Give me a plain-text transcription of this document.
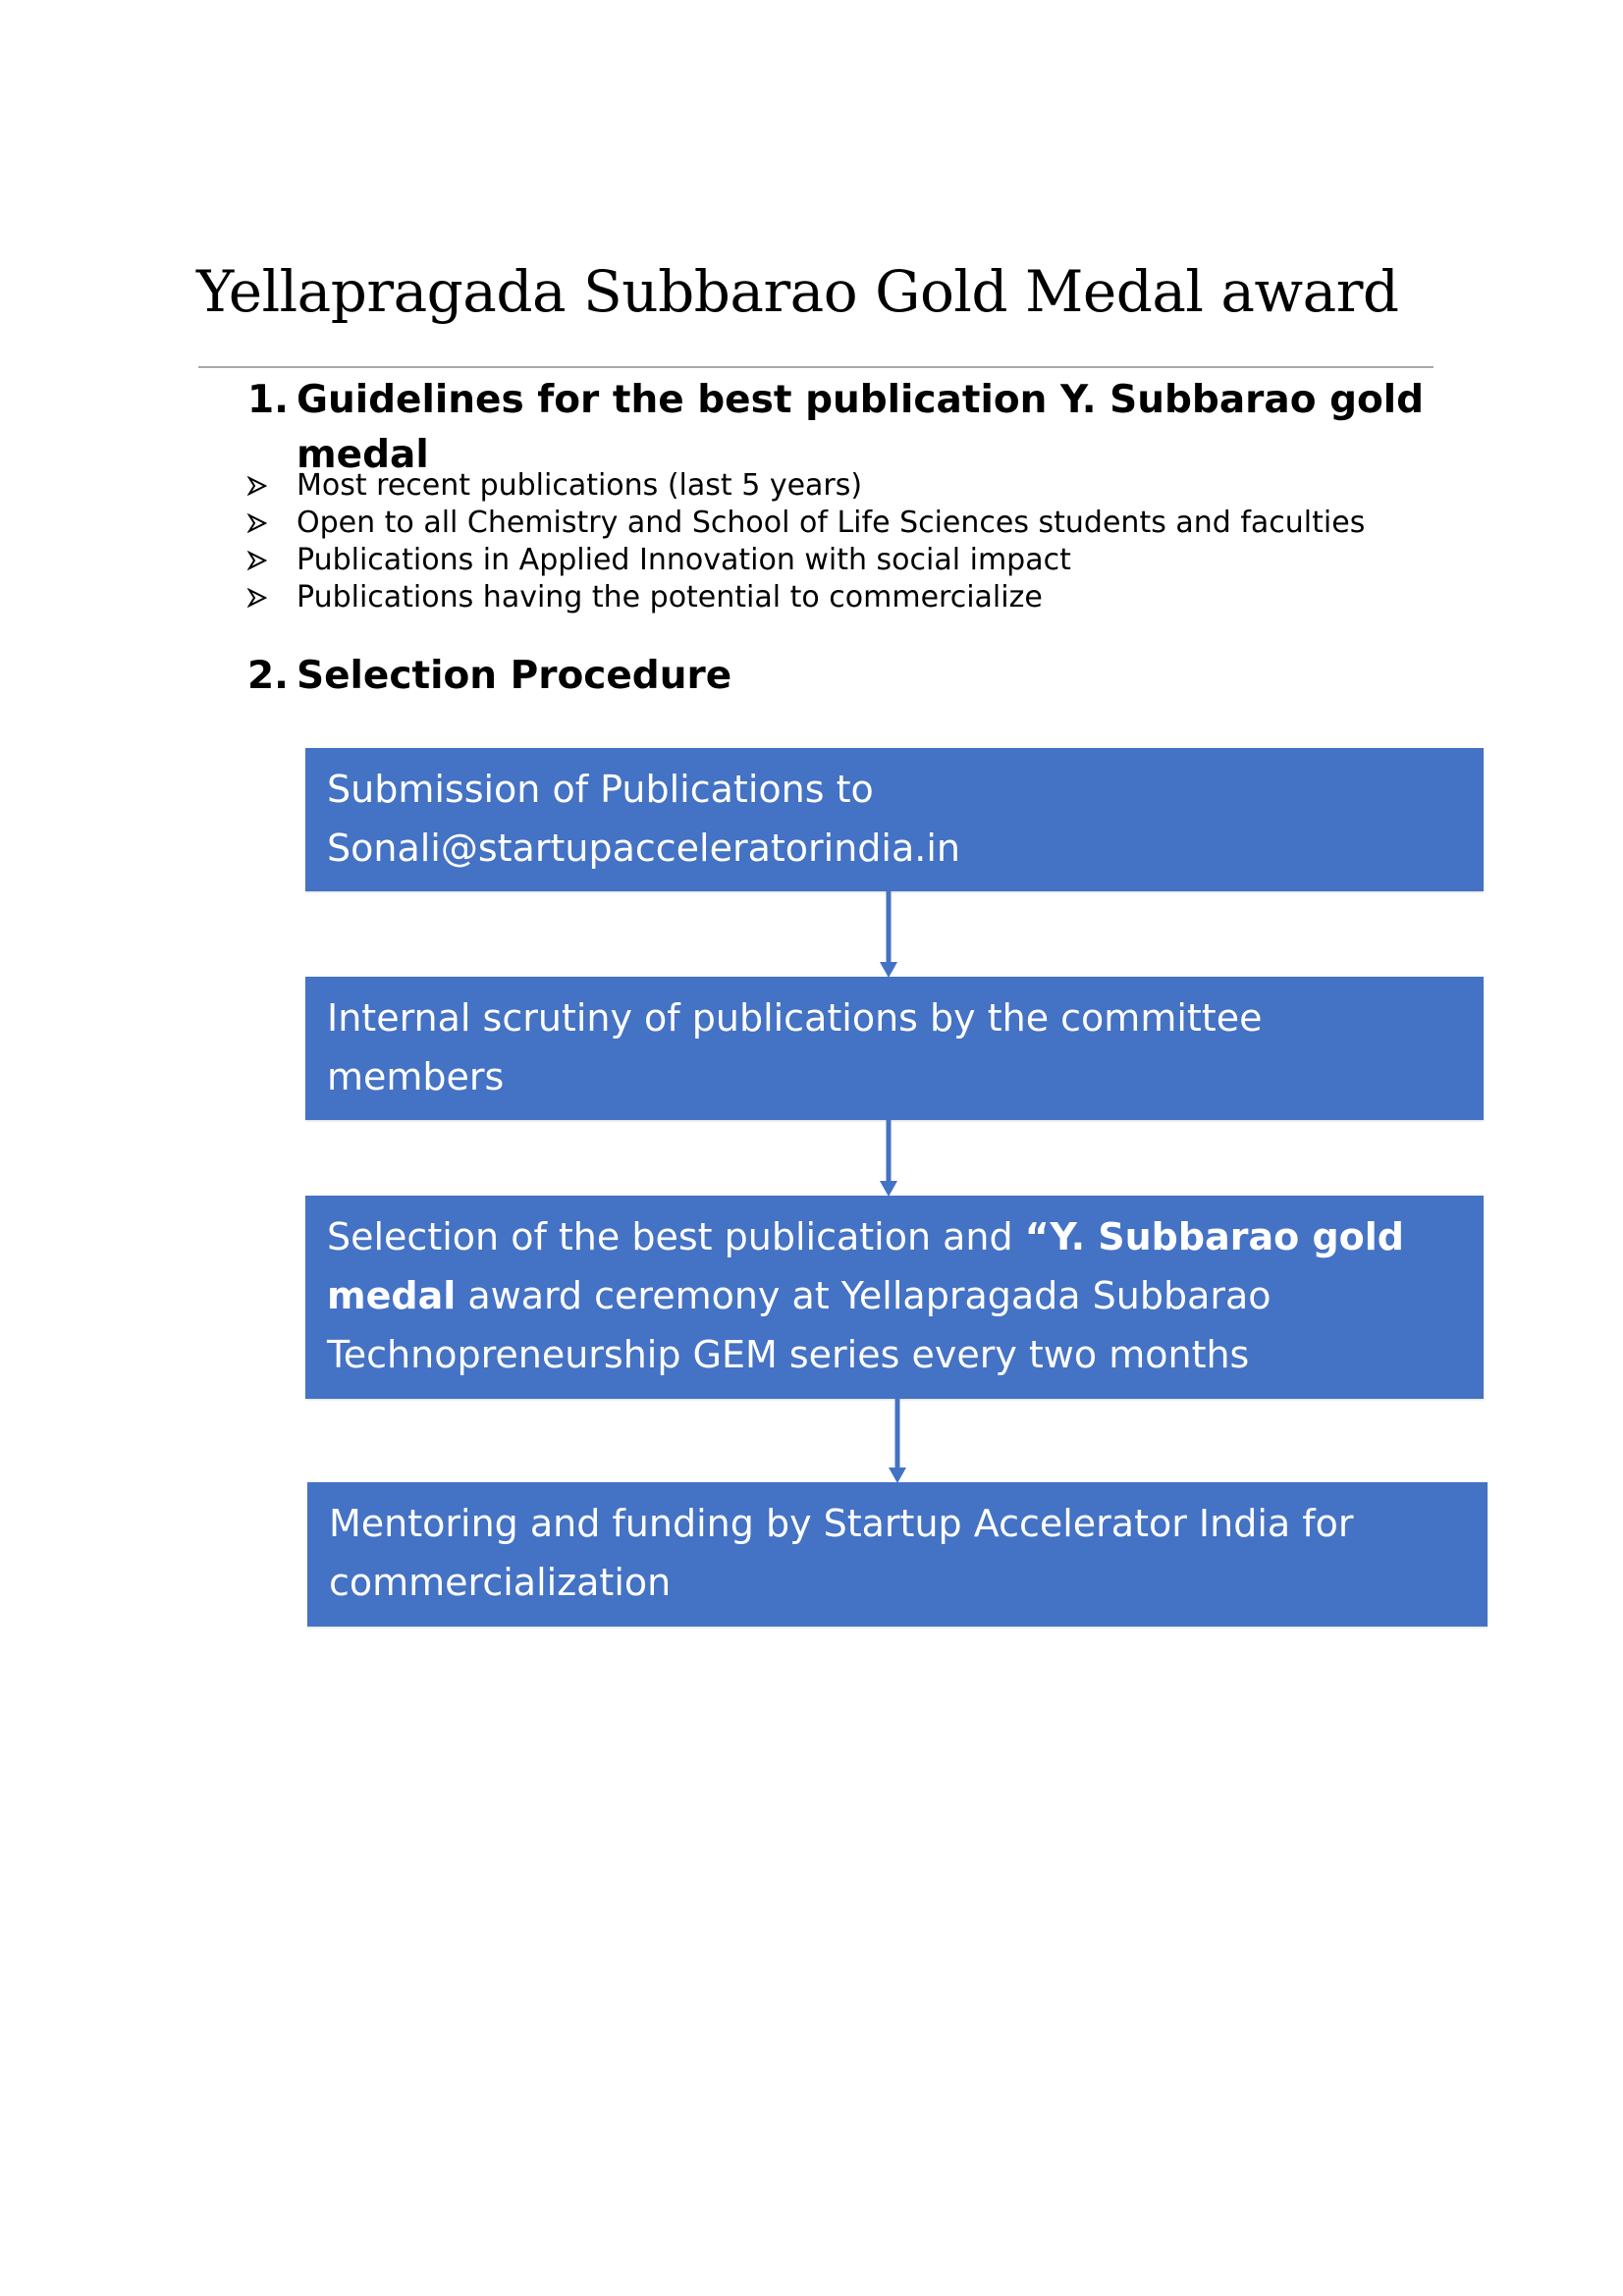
Yellapragada Subbarao Gold Medal award
1. Guidelines for the best publication Y. Subbarao gold medal
Most recent publications (last 5 years)
Open to all Chemistry and School of Life Sciences students and faculties
Publications in Applied Innovation with social impact
Publications having the potential to commercialize
2. Selection Procedure
Submission of Publications to
Sonali@startupacceleratorindia.in
Internal scrutiny of publications by the committee
members
Selection of the best publication and “Y. Subbarao gold medal award ceremony at Yellapragada Subbarao Technopreneurship GEM series every two months
Mentoring and funding by Startup Accelerator India for
commercialization
